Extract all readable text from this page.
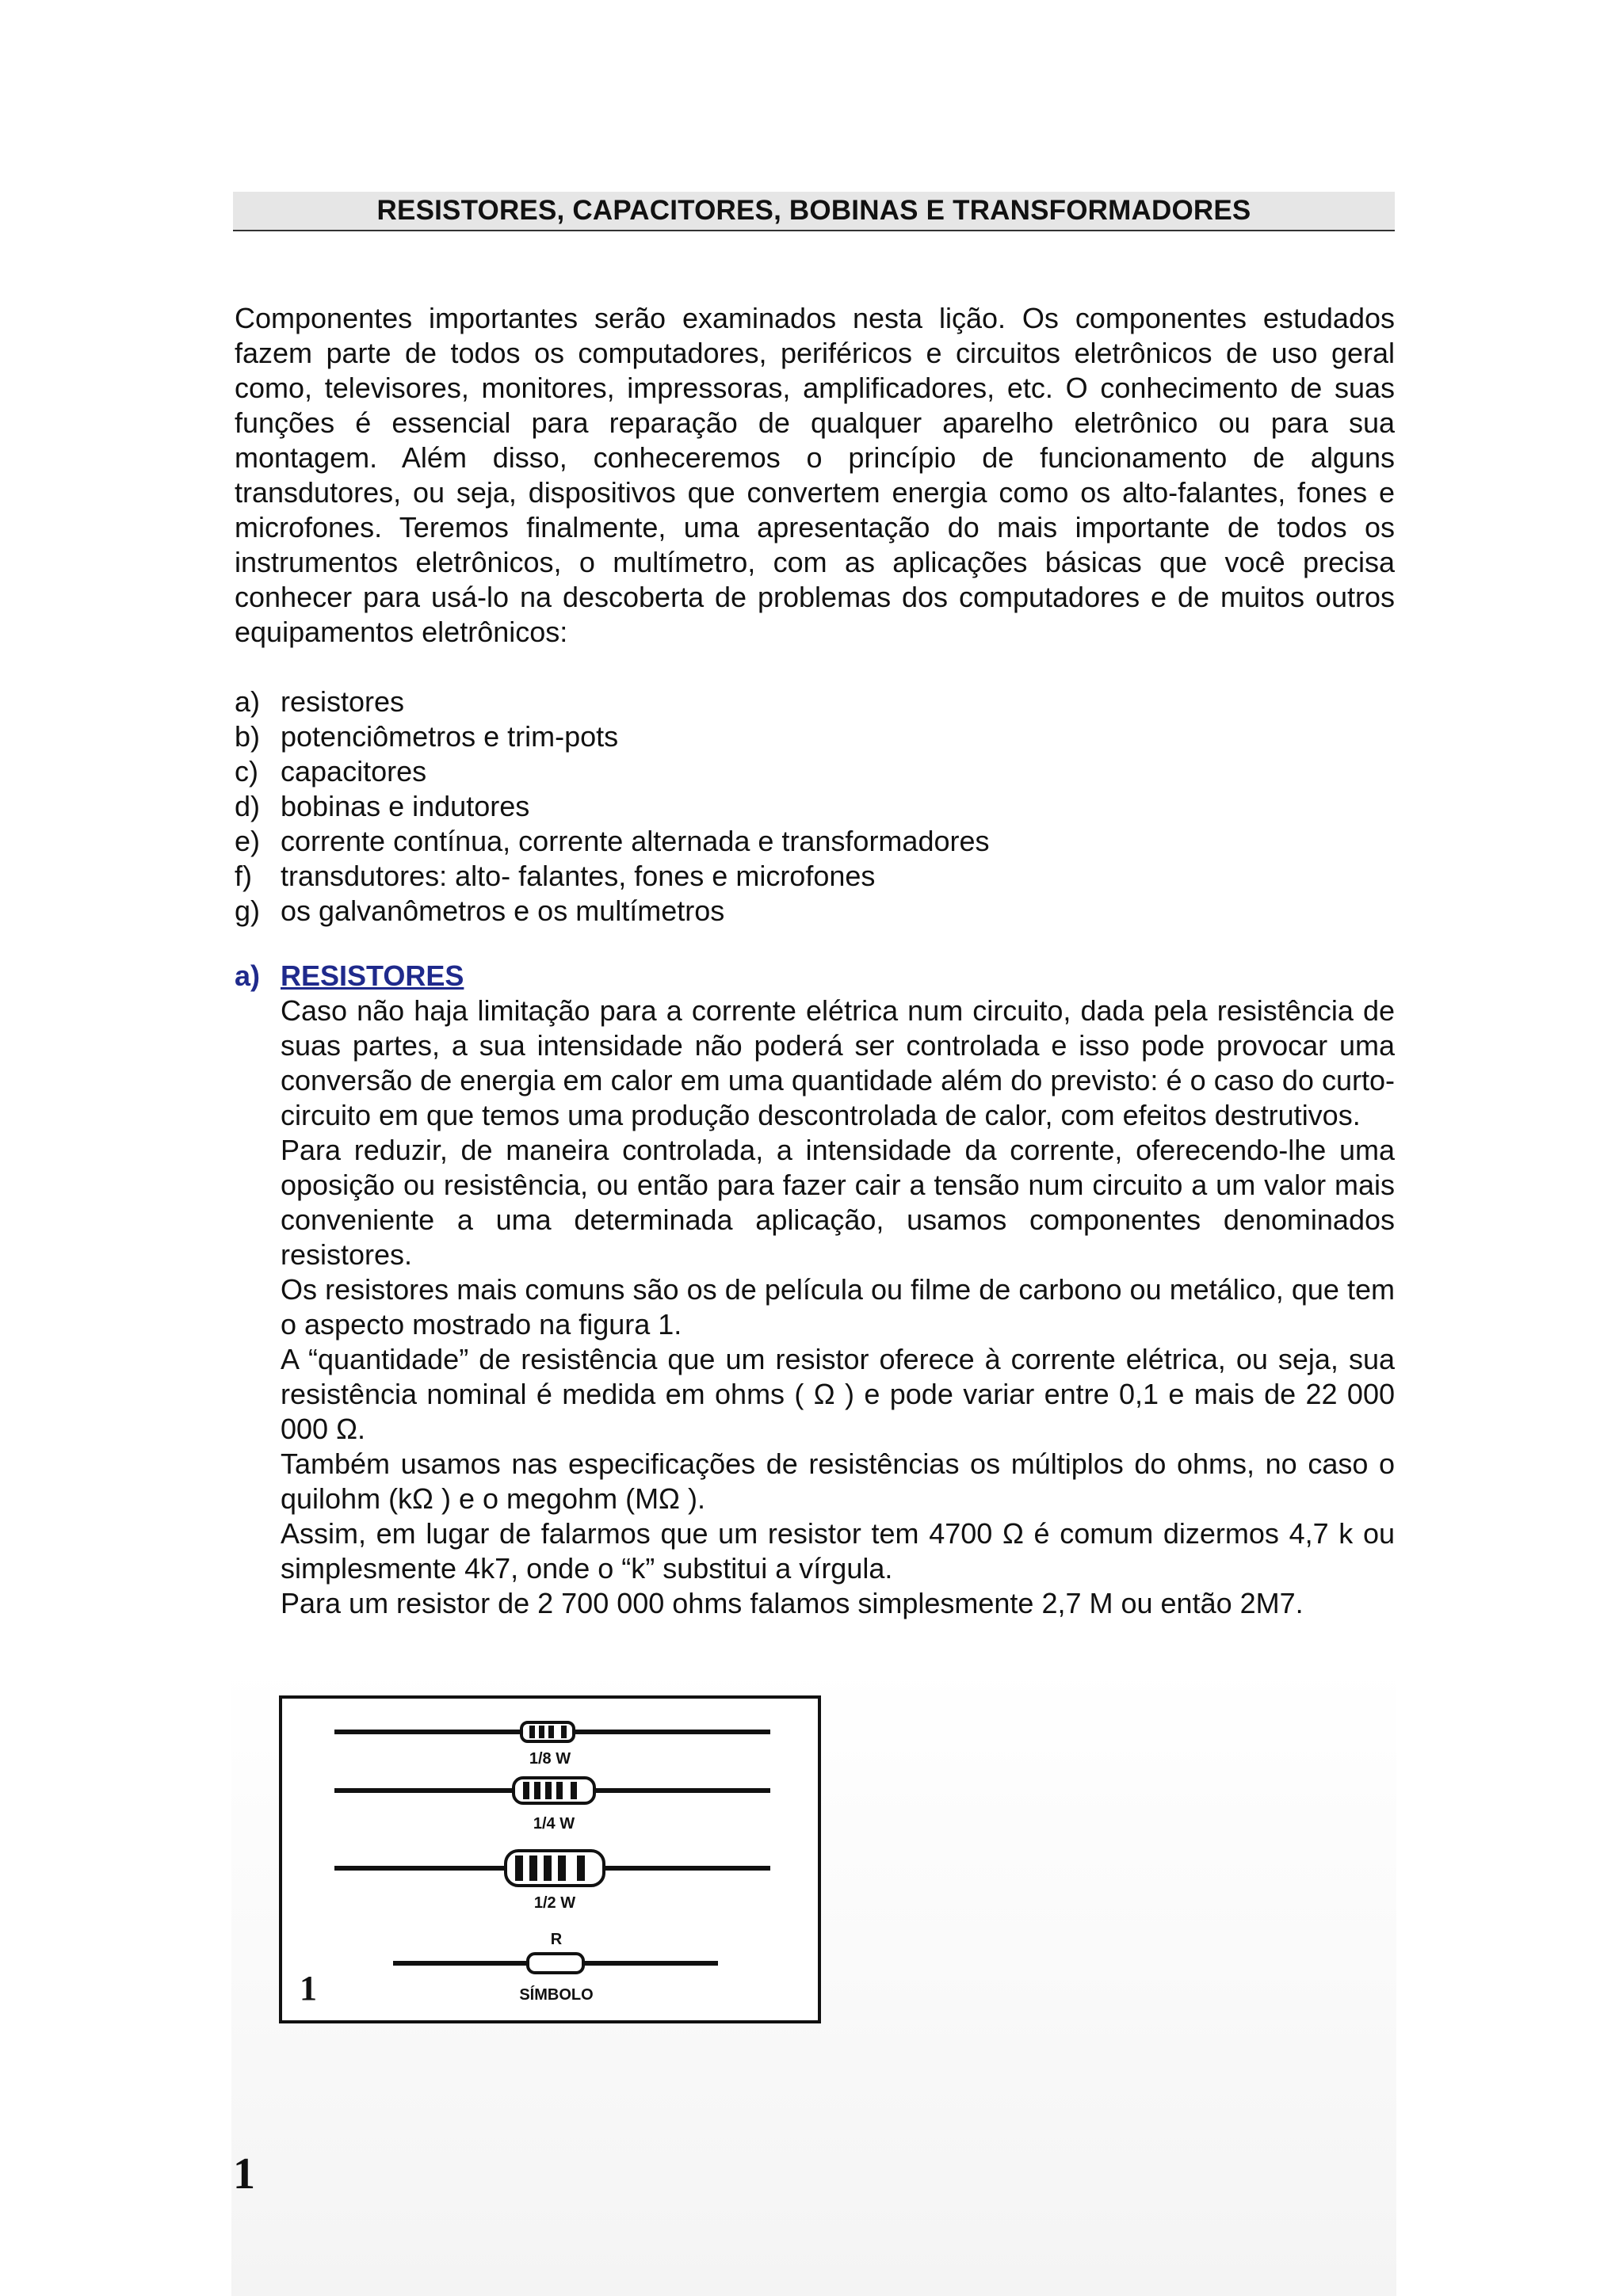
RESISTORES, CAPACITORES, BOBINAS E TRANSFORMADORES

Componentes importantes serão examinados nesta lição. Os componentes estudados fazem parte de todos os computadores, periféricos e circuitos eletrônicos de uso geral como, televisores, monitores, impressoras, amplificadores, etc. O conhecimento de suas funções é essencial para reparação de qualquer aparelho eletrônico ou para sua montagem. Além disso, conheceremos o princípio de funcionamento de alguns transdutores, ou seja, dispositivos que convertem energia como os alto-falantes, fones e microfones. Teremos finalmente, uma apresentação do mais importante de todos os instrumentos eletrônicos, o multímetro, com as aplicações básicas que você precisa conhecer para usá-lo na descoberta de problemas dos computadores e de muitos outros equipamentos eletrônicos:

a) resistores
b) potenciômetros e trim-pots
c) capacitores
d) bobinas e indutores
e) corrente contínua, corrente alternada e transformadores
f)	transdutores: alto- falantes, fones e microfones
g) os galvanômetros e os multímetros
a) RESISTORES

Caso não haja limitação para a corrente elétrica num circuito, dada pela resistência de suas partes, a sua intensidade não poderá ser controlada e isso pode provocar uma conversão de energia em calor em uma quantidade além do previsto: é o caso do curto-circuito em que temos uma produção descontrolada de calor, com efeitos destrutivos.

Para reduzir, de maneira controlada, a intensidade da corrente, oferecendo-lhe uma oposição ou resistência, ou então para fazer cair a tensão num circuito a um valor mais conveniente a uma determinada aplicação, usamos componentes denominados resistores.

Os resistores mais comuns são os de película ou filme de carbono ou metálico, que tem o aspecto mostrado na figura 1.

A “quantidade” de resistência que um resistor oferece à corrente elétrica, ou seja, sua resistência nominal é medida em ohms ( Ω ) e pode variar entre 0,1 e mais de 22 000 000 Ω.

Também usamos nas especificações de resistências os múltiplos do ohms, no caso o quilohm (kΩ ) e o megohm (MΩ ).

Assim, em lugar de falarmos que um resistor tem 4700 Ω é comum dizermos 4,7 k ou simplesmente 4k7, onde o “k” substitui a vírgula.

Para um resistor de 2 700 000 ohms falamos simplesmente 2,7 M ou então 2M7.

1/8 W
1/4 W
1/2 W
R
SÍMBOLO
1
1
